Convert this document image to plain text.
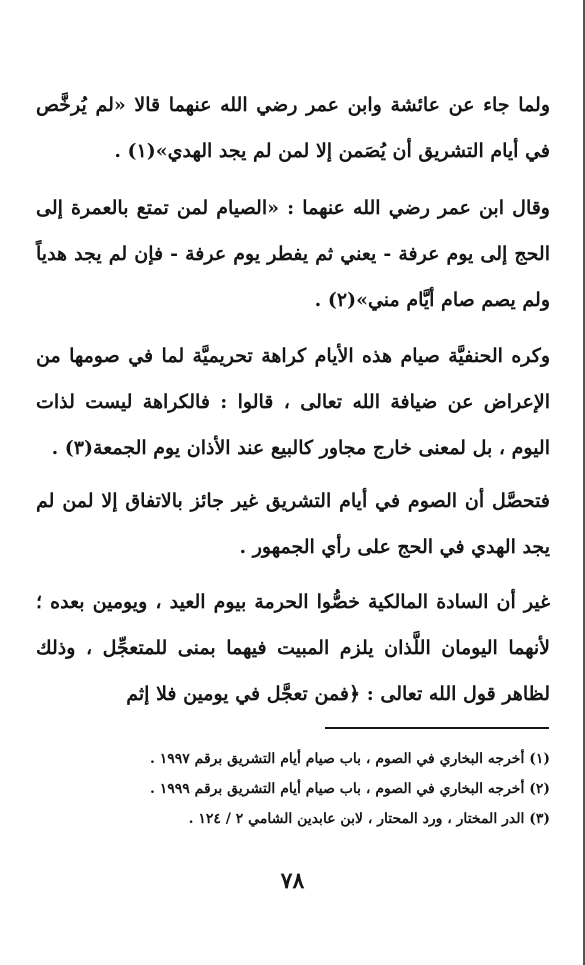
ولما جاء عن عائشة وابن عمر رضي الله عنهما قالا «لم يُرخَّص في أيام التشريق أن يُصَمن إلا لمن لم يجد الهدي»(١) .
وقال ابن عمر رضي الله عنهما : «الصيام لمن تمتع بالعمرة إلى الحج إلى يوم عرفة - يعني ثم يفطر يوم عرفة - فإن لم يجد هدياً ولم يصم صام أيَّام مني»(٢) .
وكره الحنفيَّة صيام هذه الأيام كراهة تحريميَّة لما في صومها من الإعراض عن ضيافة الله تعالى ، قالوا : فالكراهة ليست لذات اليوم ، بل لمعنى خارج مجاور كالبيع عند الأذان يوم الجمعة(٣) .
فتحصَّل أن الصوم في أيام التشريق غير جائز بالاتفاق إلا لمن لم يجد الهدي في الحج على رأي الجمهور .
غير أن السادة المالكية خصُّوا الحرمة بيوم العيد ، ويومين بعده ؛ لأنهما اليومان اللَّذان يلزم المبيت فيهما بمنى للمتعجِّل ، وذلك لظاهر قول الله تعالى : ﴿فمن تعجَّل في يومين فلا إثم
(١) أخرجه البخاري في الصوم ، باب صيام أيام التشريق برقم ١٩٩٧ .
(٢) أخرجه البخاري في الصوم ، باب صيام أيام التشريق برقم ١٩٩٩ .
(٣) الدر المختار ، ورد المحتار ، لابن عابدين الشامي ٢ / ١٢٤ .
٧٨
